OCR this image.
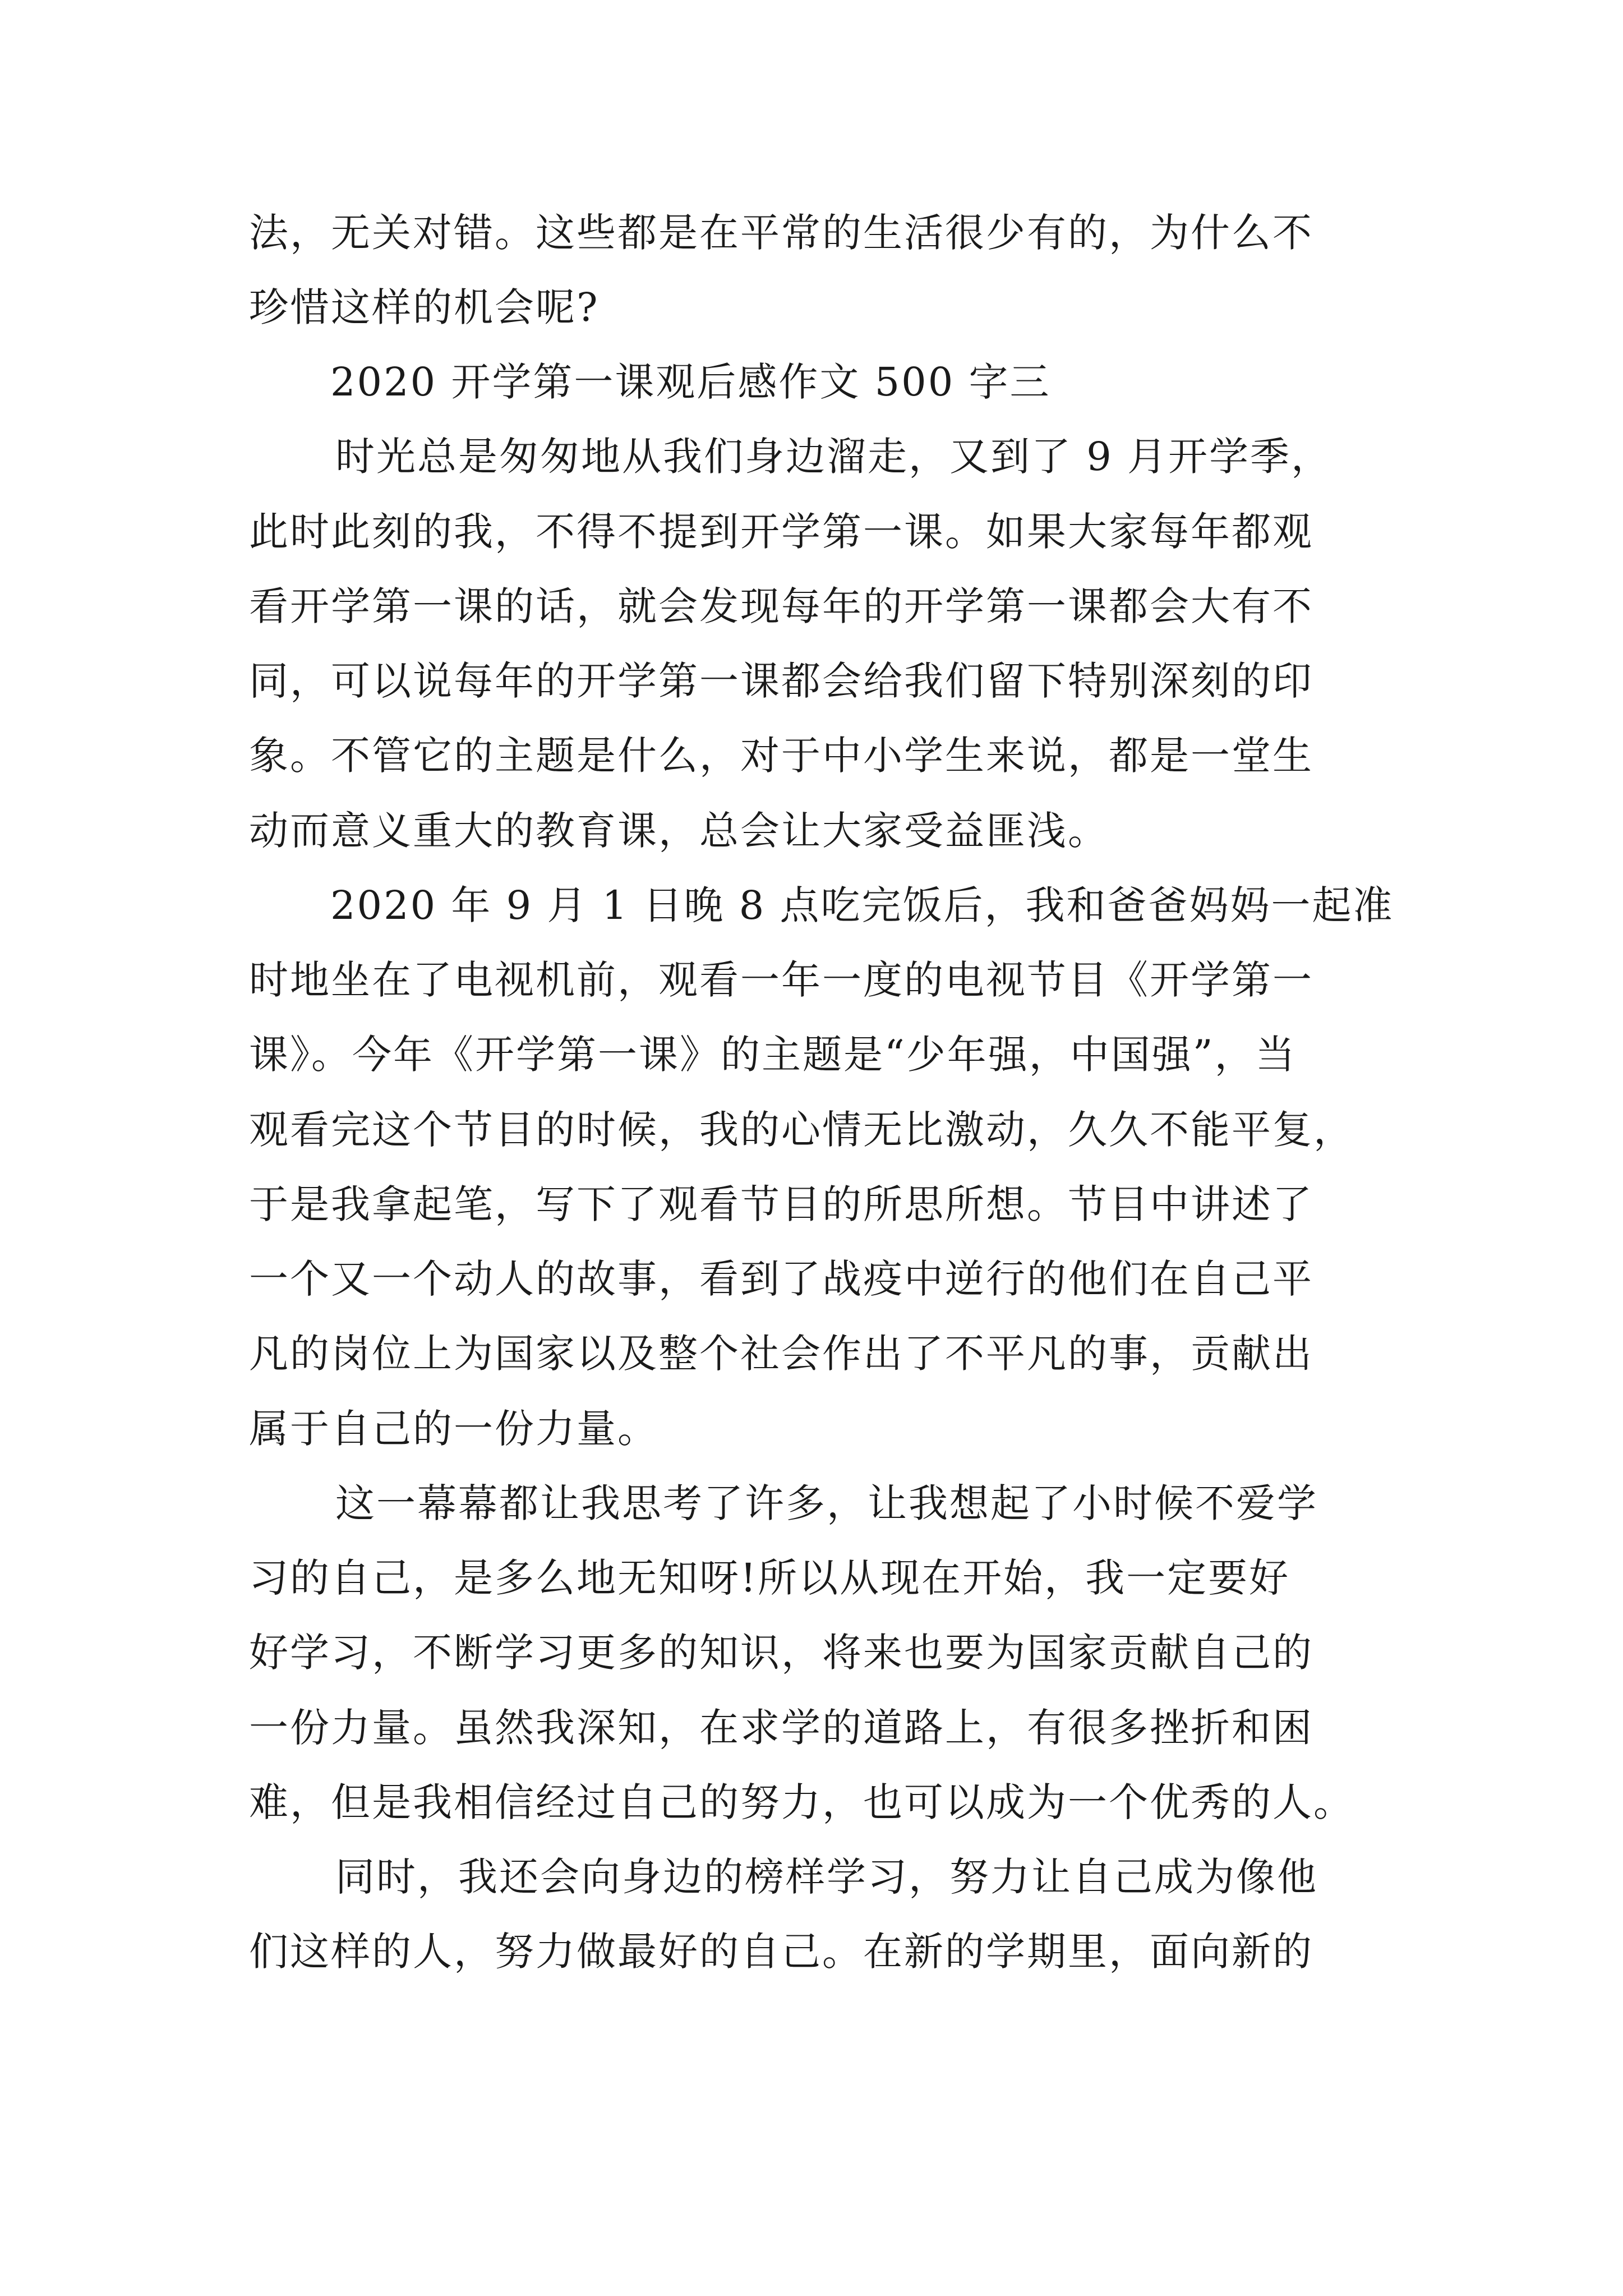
法，无关对错。这些都是在平常的生活很少有的，为什么不
珍惜这样的机会呢?
2020 开学第一课观后感作文 500 字三
时光总是匆匆地从我们身边溜走，又到了 9 月开学季，
此时此刻的我，不得不提到开学第一课。如果大家每年都观
看开学第一课的话，就会发现每年的开学第一课都会大有不
同，可以说每年的开学第一课都会给我们留下特别深刻的印
象。不管它的主题是什么，对于中小学生来说，都是一堂生
动而意义重大的教育课，总会让大家受益匪浅。
2020 年 9 月 1 日晚 8 点吃完饭后，我和爸爸妈妈一起准
时地坐在了电视机前，观看一年一度的电视节目《开学第一
课》。今年《开学第一课》的主题是“少年强，中国强”，当
观看完这个节目的时候，我的心情无比激动，久久不能平复，
于是我拿起笔，写下了观看节目的所思所想。节目中讲述了
一个又一个动人的故事，看到了战疫中逆行的他们在自己平
凡的岗位上为国家以及整个社会作出了不平凡的事，贡献出
属于自己的一份力量。
这一幕幕都让我思考了许多，让我想起了小时候不爱学
习的自己，是多么地无知呀!所以从现在开始，我一定要好
好学习，不断学习更多的知识，将来也要为国家贡献自己的
一份力量。虽然我深知，在求学的道路上，有很多挫折和困
难，但是我相信经过自己的努力，也可以成为一个优秀的人。
同时，我还会向身边的榜样学习，努力让自己成为像他
们这样的人，努力做最好的自己。在新的学期里，面向新的
